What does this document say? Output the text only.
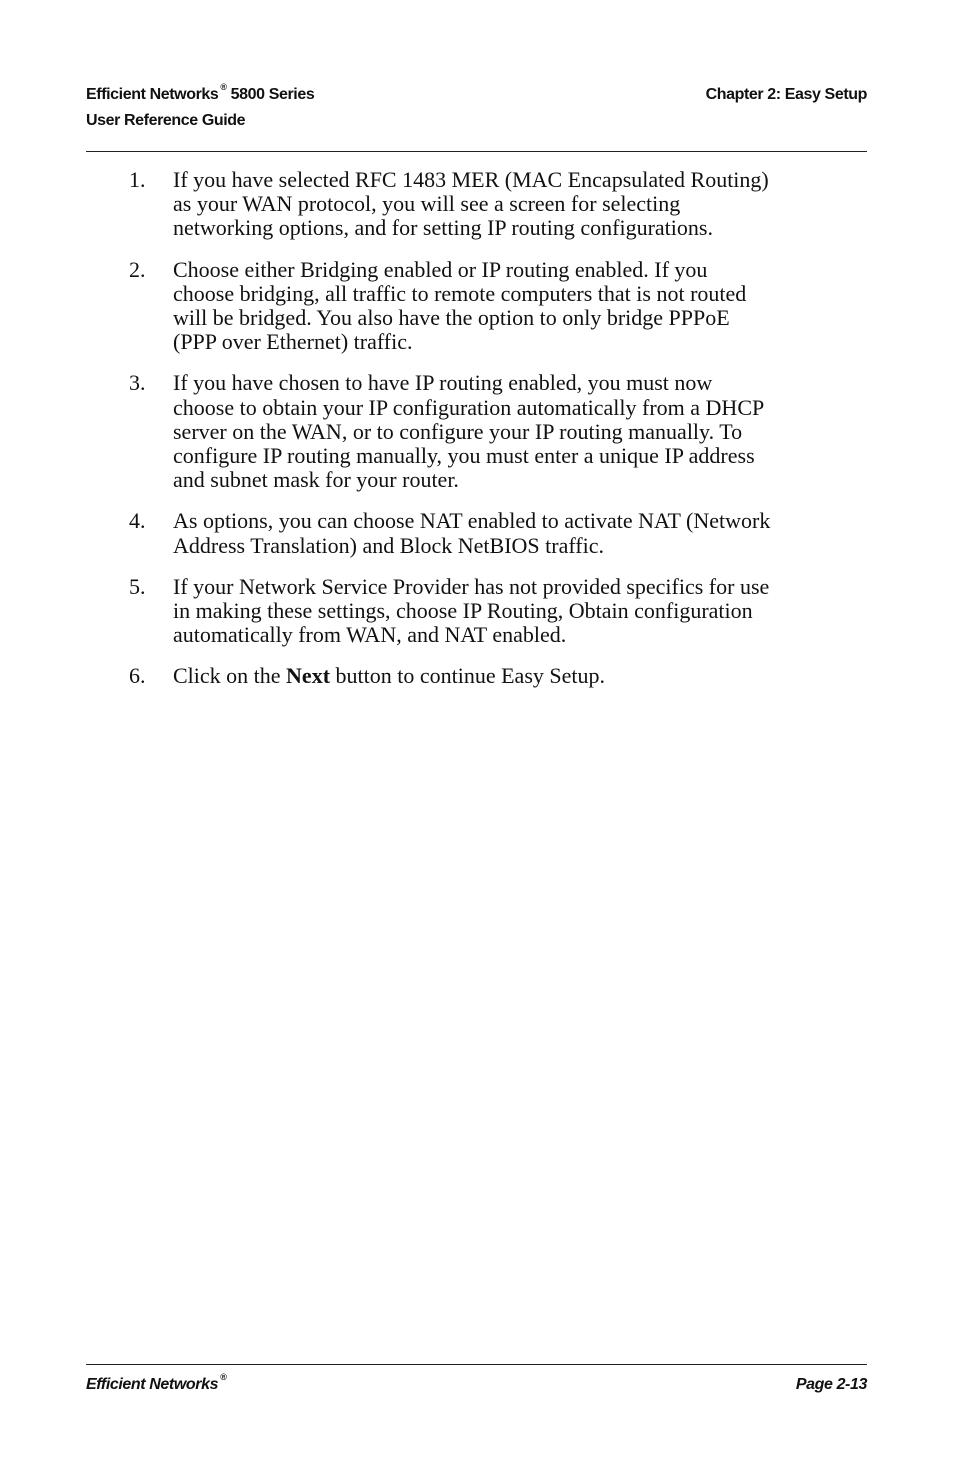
Efficient Networks ® 5800 Series
User Reference Guide
Chapter 2: Easy Setup
1. If you have selected RFC 1483 MER (MAC Encapsulated Routing)
as your WAN protocol, you will see a screen for selecting
networking options, and for setting IP routing configurations.
2. Choose either Bridging enabled or IP routing enabled. If you
choose bridging, all traffic to remote computers that is not routed
will be bridged. You also have the option to only bridge PPPoE
(PPP over Ethernet) traffic.
3. If you have chosen to have IP routing enabled, you must now
choose to obtain your IP configuration automatically from a DHCP
server on the WAN, or to configure your IP routing manually. To
configure IP routing manually, you must enter a unique IP address
and subnet mask for your router.
4. As options, you can choose NAT enabled to activate NAT (Network
Address Translation) and Block NetBIOS traffic.
5. If your Network Service Provider has not provided specifics for use
in making these settings, choose IP Routing, Obtain configuration
automatically from WAN, and NAT enabled.
6. Click on the Next button to continue Easy Setup.
Efficient Networks ®	Page 2-13
